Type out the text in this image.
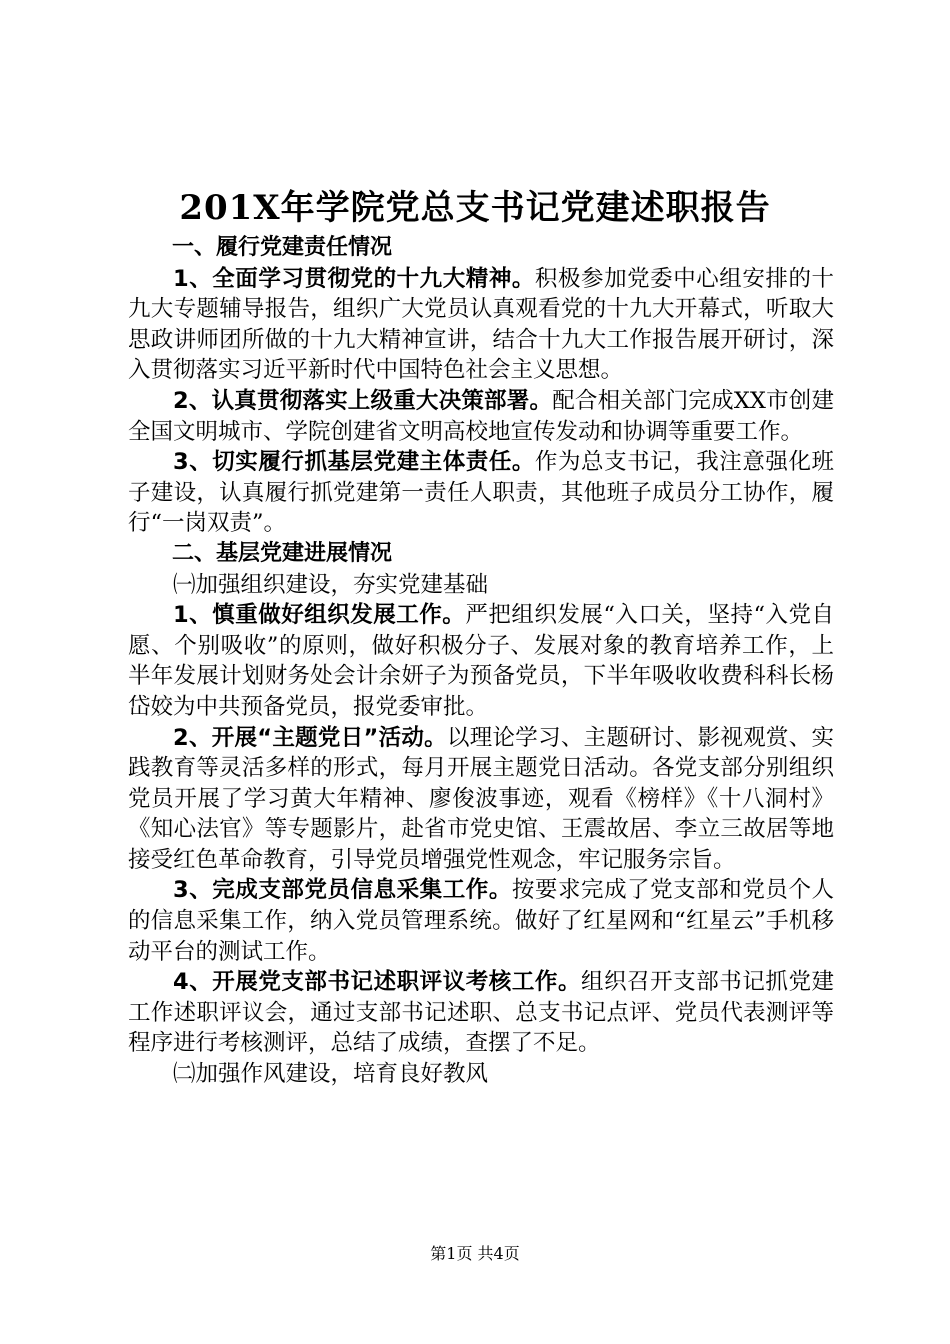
201X年学院党总支书记党建述职报告

一、履行党建责任情况

1、全面学习贯彻党的十九大精神。积极参加党委中心组安排的十九大专题辅导报告，组织广大党员认真观看党的十九大开幕式，听取大思政讲师团所做的十九大精神宣讲，结合十九大工作报告展开研讨，深入贯彻落实习近平新时代中国特色社会主义思想。

2、认真贯彻落实上级重大决策部署。配合相关部门完成XX市创建全国文明城市、学院创建省文明高校地宣传发动和协调等重要工作。

3、切实履行抓基层党建主体责任。作为总支书记，我注意强化班子建设，认真履行抓党建第一责任人职责，其他班子成员分工协作，履行“一岗双责”。

二、基层党建进展情况

㈠加强组织建设，夯实党建基础

1、慎重做好组织发展工作。严把组织发展“入口关，坚持“入党自愿、个别吸收”的原则，做好积极分子、发展对象的教育培养工作，上半年发展计划财务处会计余妍子为预备党员，下半年吸收收费科科长杨岱姣为中共预备党员，报党委审批。

2、开展“主题党日”活动。以理论学习、主题研讨、影视观赏、实践教育等灵活多样的形式，每月开展主题党日活动。各党支部分别组织党员开展了学习黄大年精神、廖俊波事迹，观看《榜样》《十八洞村》《知心法官》等专题影片，赴省市党史馆、王震故居、李立三故居等地接受红色革命教育，引导党员增强党性观念，牢记服务宗旨。

3、完成支部党员信息采集工作。按要求完成了党支部和党员个人的信息采集工作，纳入党员管理系统。做好了红星网和“红星云”手机移动平台的测试工作。

4、开展党支部书记述职评议考核工作。组织召开支部书记抓党建工作述职评议会，通过支部书记述职、总支书记点评、党员代表测评等程序进行考核测评，总结了成绩，查摆了不足。

㈡加强作风建设，培育良好教风

第1页 共4页
